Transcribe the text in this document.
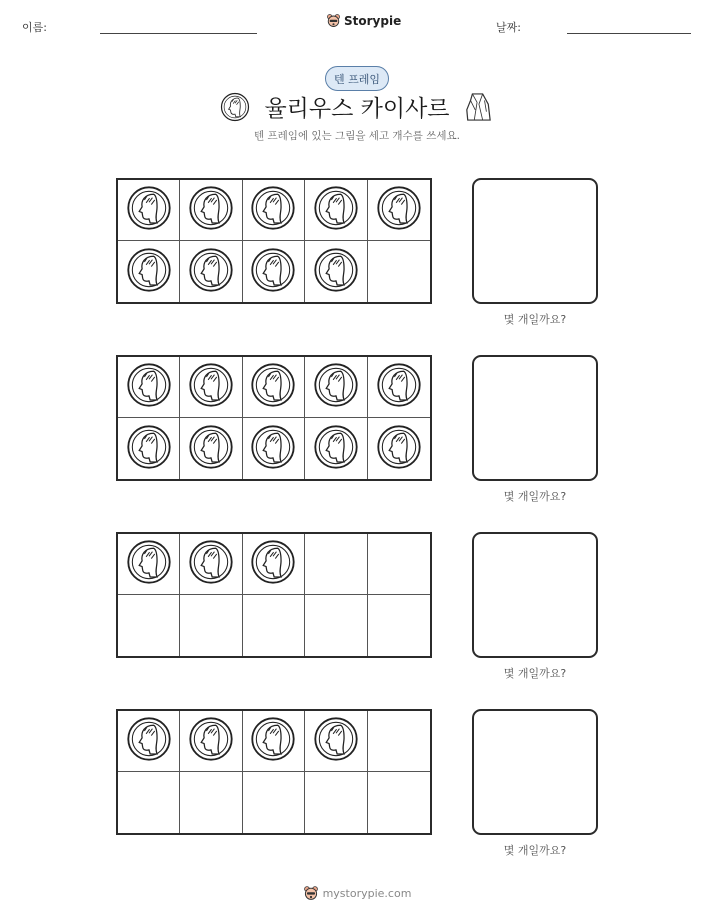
이름:	Storypie	날짜:
텐 프레임
율리우스 카이사르
텐 프레임에 있는 그림을 세고 개수를 쓰세요.
몇 개일까요?
몇 개일까요?
몇 개일까요?
몇 개일까요?
mystorypie.com
